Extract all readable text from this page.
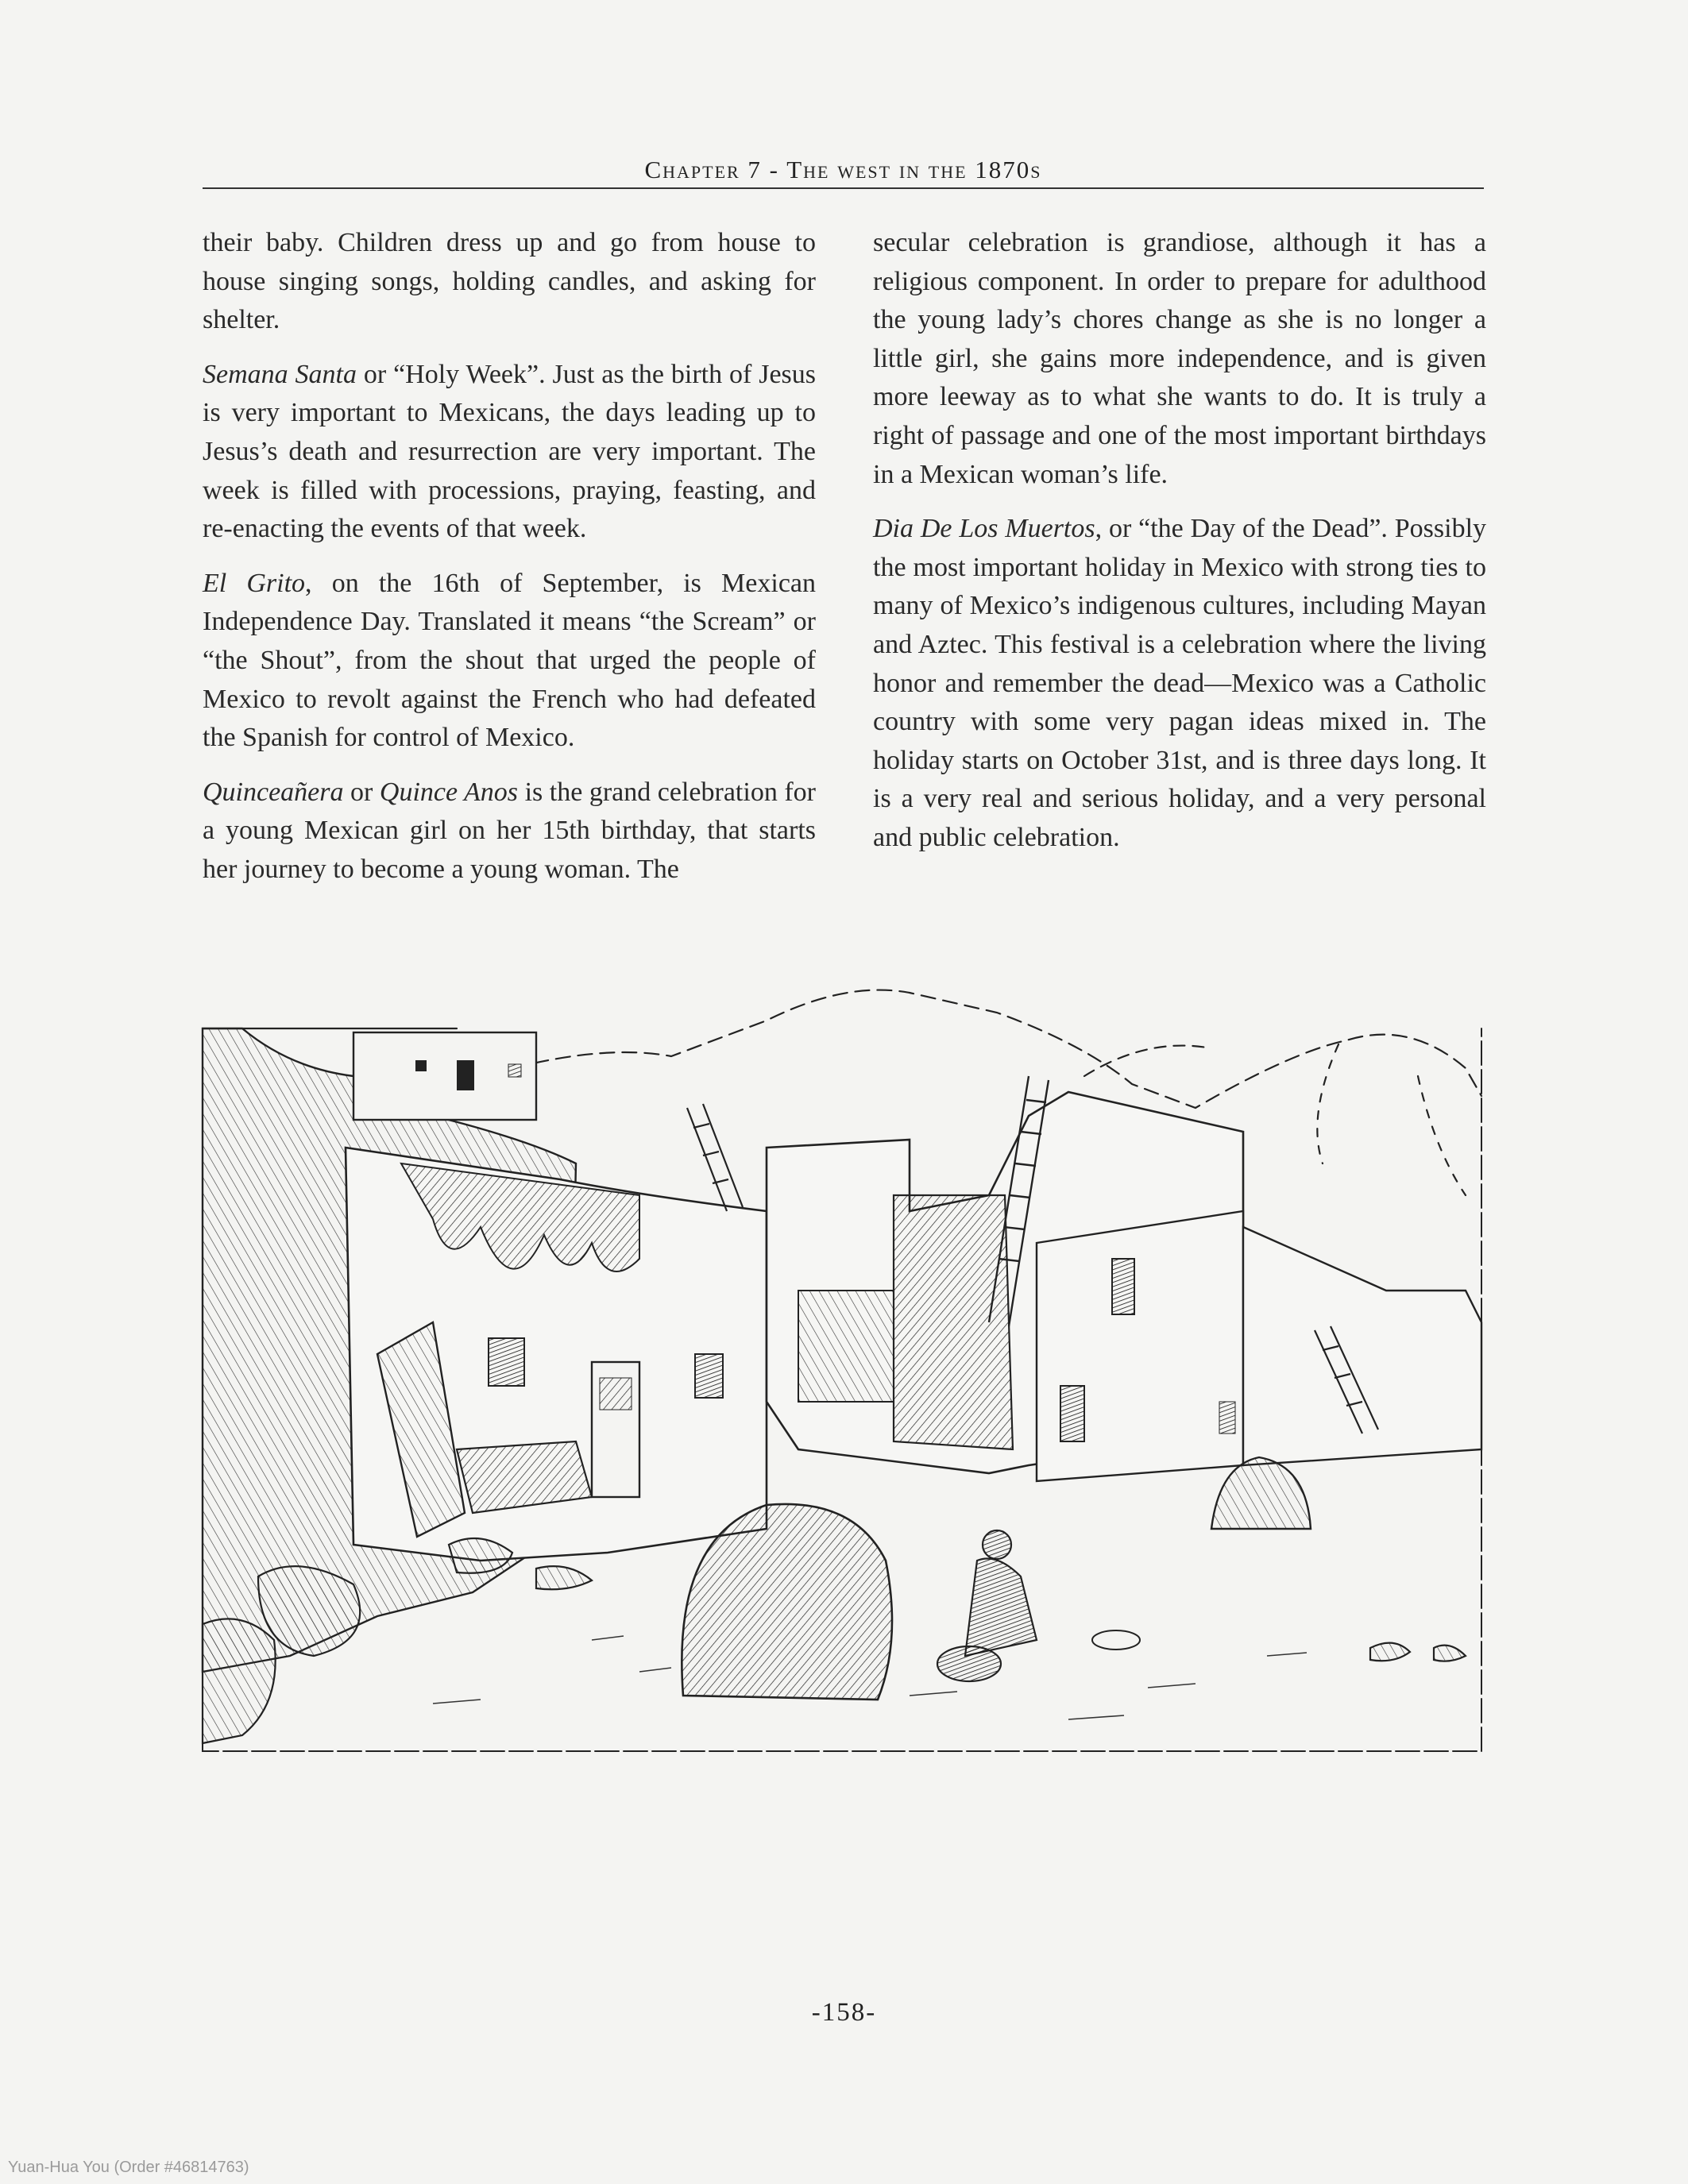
Chapter 7 - The west in the 1870s

their baby. Children dress up and go from house to house singing songs, holding candles, and asking for shelter.

Semana Santa or “Holy Week”. Just as the birth of Jesus is very important to Mexicans, the days leading up to Jesus’s death and resurrection are very important. The week is filled with processions, praying, feasting, and re-enacting the events of that week.

El Grito, on the 16th of September, is Mexican Independence Day. Translated it means “the Scream” or “the Shout”, from the shout that urged the people of Mexico to revolt against the French who had defeated the Spanish for control of Mexico.

Quinceañera or Quince Anos is the grand celebration for a young Mexican girl on her 15th birthday, that starts her journey to become a young woman. The

secular celebration is grandiose, although it has a religious component. In order to prepare for adulthood the young lady’s chores change as she is no longer a little girl, she gains more independence, and is given more leeway as to what she wants to do. It is truly a right of passage and one of the most important birthdays in a Mexican woman’s life.

Dia De Los Muertos, or “the Day of the Dead”. Possibly the most important holiday in Mexico with strong ties to many of Mexico’s indigenous cultures, including Mayan and Aztec. This festival is a celebration where the living honor and remember the dead—Mexico was a Catholic country with some very pagan ideas mixed in. The holiday starts on October 31st, and is three days long. It is a very real and serious holiday, and a very personal and public celebration.

-158-
Yuan-Hua You (Order #46814763)
